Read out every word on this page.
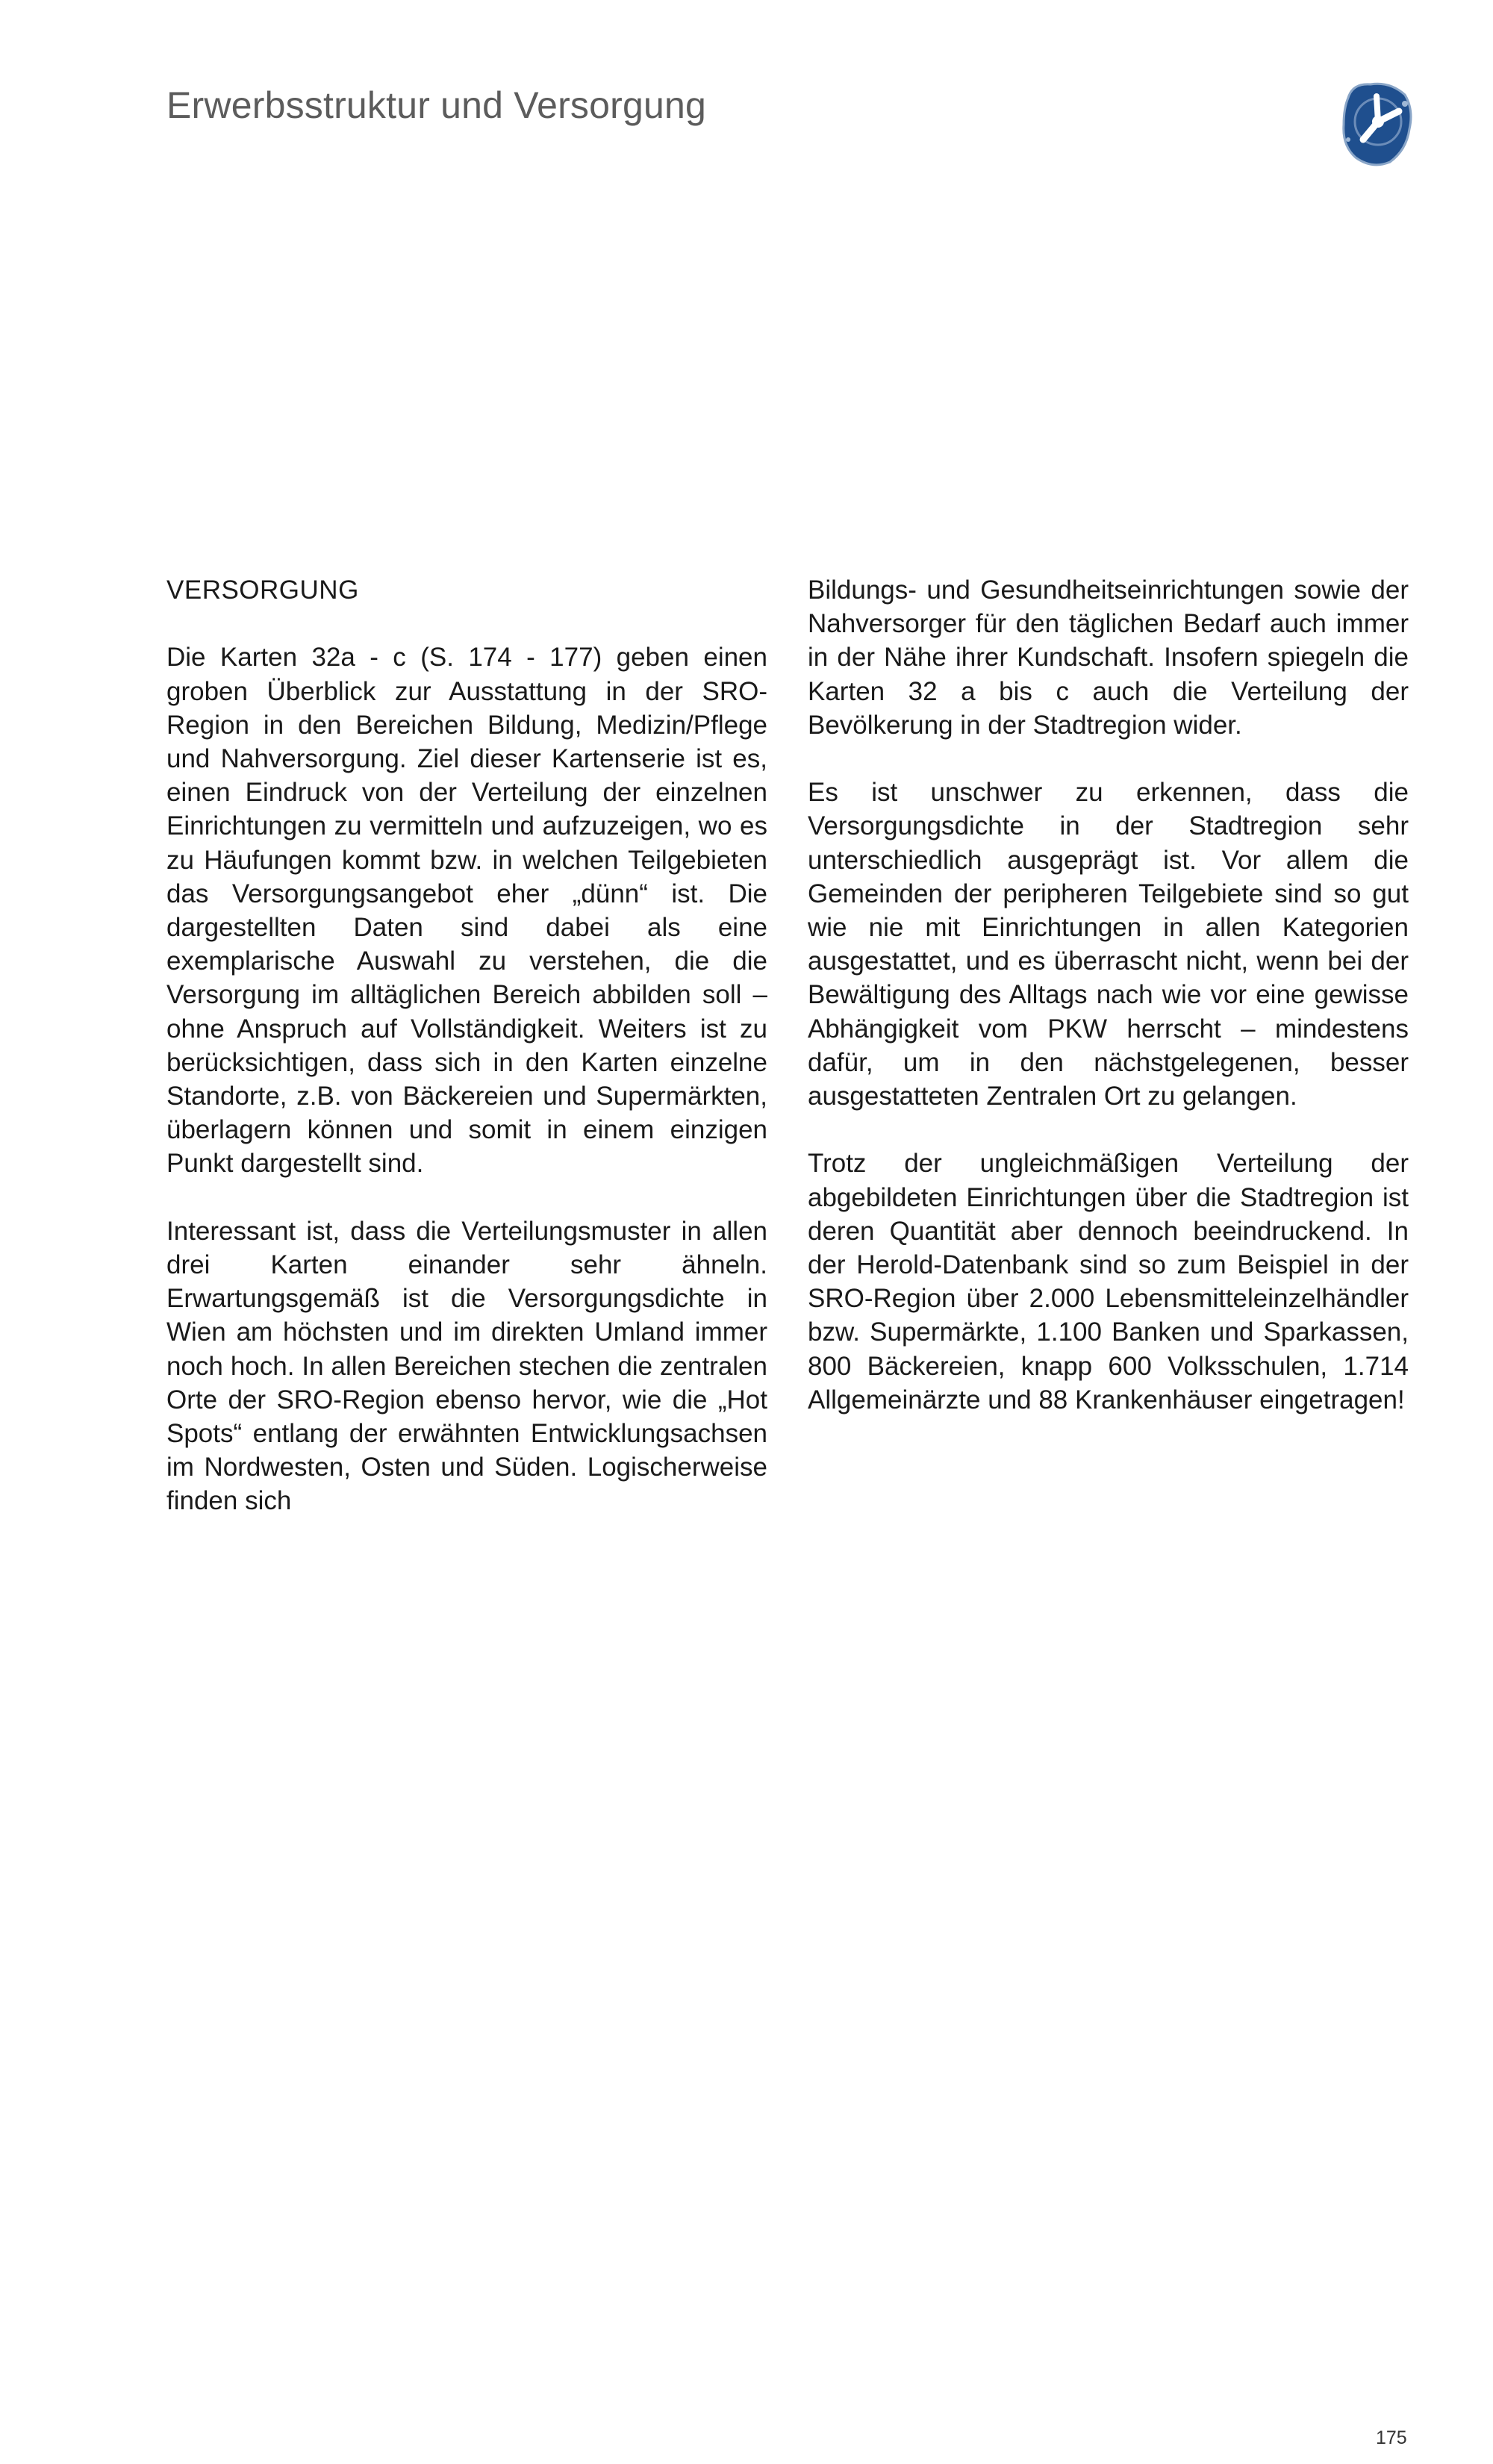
Erwerbsstruktur und Versorgung
VERSORGUNG

Die Karten 32a - c (S. 174 - 177) geben einen groben Überblick zur Ausstattung in der SRO-Region in den Bereichen Bildung, Medizin/Pflege und Nahversorgung. Ziel dieser Kartenserie ist es, einen Eindruck von der Verteilung der einzelnen Einrichtungen zu vermitteln und aufzuzeigen, wo es zu Häufungen kommt bzw. in welchen Teilgebieten das Versorgungsangebot eher „dünn“ ist. Die dargestellten Daten sind dabei als eine exemplarische Auswahl zu verstehen, die die Versorgung im alltäglichen Bereich abbilden soll – ohne Anspruch auf Vollständigkeit. Weiters ist zu berücksichtigen, dass sich in den Karten einzelne Standorte, z.B. von Bäckereien und Supermärkten, überlagern können und somit in einem einzigen Punkt dargestellt sind.

Interessant ist, dass die Verteilungsmuster in allen drei Karten einander sehr ähneln. Erwartungsgemäß ist die Versorgungsdichte in Wien am höchsten und im direkten Umland immer noch hoch. In allen Bereichen stechen die zentralen Orte der SRO-Region ebenso hervor, wie die „Hot Spots“ entlang der erwähnten Entwicklungsachsen im Nordwesten, Osten und Süden. Logischerweise finden sich

Bildungs- und Gesundheitseinrichtungen sowie der Nahversorger für den täglichen Bedarf auch immer in der Nähe ihrer Kundschaft. Insofern spiegeln die Karten 32 a bis c auch die Verteilung der Bevölkerung in der Stadtregion wider.

Es ist unschwer zu erkennen, dass die Versorgungsdichte in der Stadtregion sehr unterschiedlich ausgeprägt ist. Vor allem die Gemeinden der peripheren Teilgebiete sind so gut wie nie mit Einrichtungen in allen Kategorien ausgestattet, und es überrascht nicht, wenn bei der Bewältigung des Alltags nach wie vor eine gewisse Abhängigkeit vom PKW herrscht – mindestens dafür, um in den nächstgelegenen, besser ausgestatteten Zentralen Ort zu gelangen.

Trotz der ungleichmäßigen Verteilung der abgebildeten Einrichtungen über die Stadtregion ist deren Quantität aber dennoch beeindruckend. In der Herold-Datenbank sind so zum Beispiel in der SRO-Region über 2.000 Lebensmitteleinzelhändler bzw. Supermärkte, 1.100 Banken und Sparkassen, 800 Bäckereien, knapp 600 Volksschulen, 1.714 Allgemeinärzte und 88 Krankenhäuser eingetragen!

175
